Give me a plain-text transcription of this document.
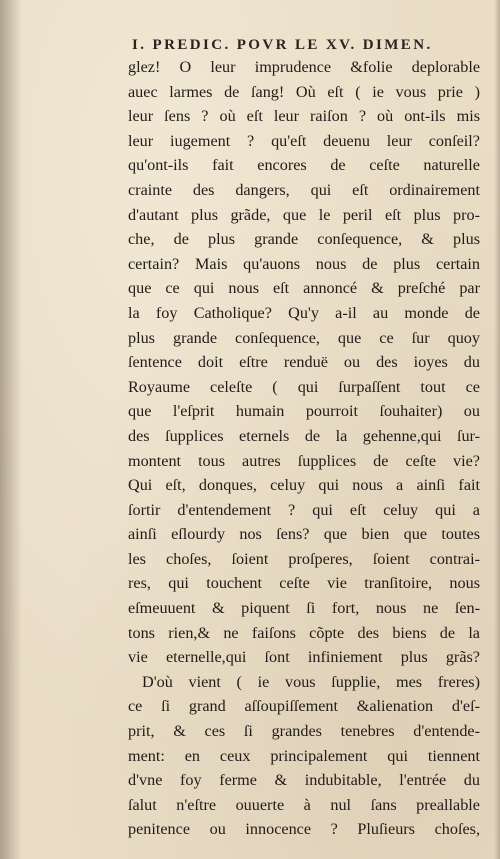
I. PREDIC. POVR LE XV. DIMEN.
glez! O leur imprudence &folie deplorable
auec larmes de ſang! Où eſt ( ie vous prie )
leur ſens ? où eſt leur raiſon ? où ont-ils mis
leur iugement ? qu'eſt deuenu leur conſeil?
qu'ont-ils fait encores de ceſte naturelle
crainte des dangers, qui eſt ordinairement
d'autant plus grãde, que le peril eſt plus pro-
che, de plus grande conſequence, & plus
certain? Mais qu'auons nous de plus certain
que ce qui nous eſt annoncé & preſché par
la foy Catholique? Qu'y a-il au monde de
plus grande conſequence, que ce ſur quoy
ſentence doit eſtre renduë ou des ioyes du
Royaume celeſte ( qui ſurpaſſent tout ce
que l'eſprit humain pourroit ſouhaiter) ou
des ſupplices eternels de la gehenne,qui ſur-
montent tous autres ſupplices de ceſte vie?
Qui eſt, donques, celuy qui nous a ainſi fait
ſortir d'entendement ? qui eſt celuy qui a
ainſi eſlourdy nos ſens? que bien que toutes
les choſes, ſoient proſperes, ſoient contrai-
res, qui touchent ceſte vie tranſitoire, nous
eſmeuuent & piquent ſi fort, nous ne ſen-
tons rien,& ne faiſons cõpte des biens de la
vie eternelle,qui ſont infiniement plus grãs?
D'où vient ( ie vous ſupplie, mes freres)
ce ſi grand aſſoupiſſement &alienation d'eſ-
prit, & ces ſi grandes tenebres d'entende-
ment: en ceux principalement qui tiennent
d'vne foy ferme & indubitable, l'entrée du
ſalut n'eſtre ouuerte à nul ſans preallable
penitence ou innocence ? Pluſieurs choſes,
